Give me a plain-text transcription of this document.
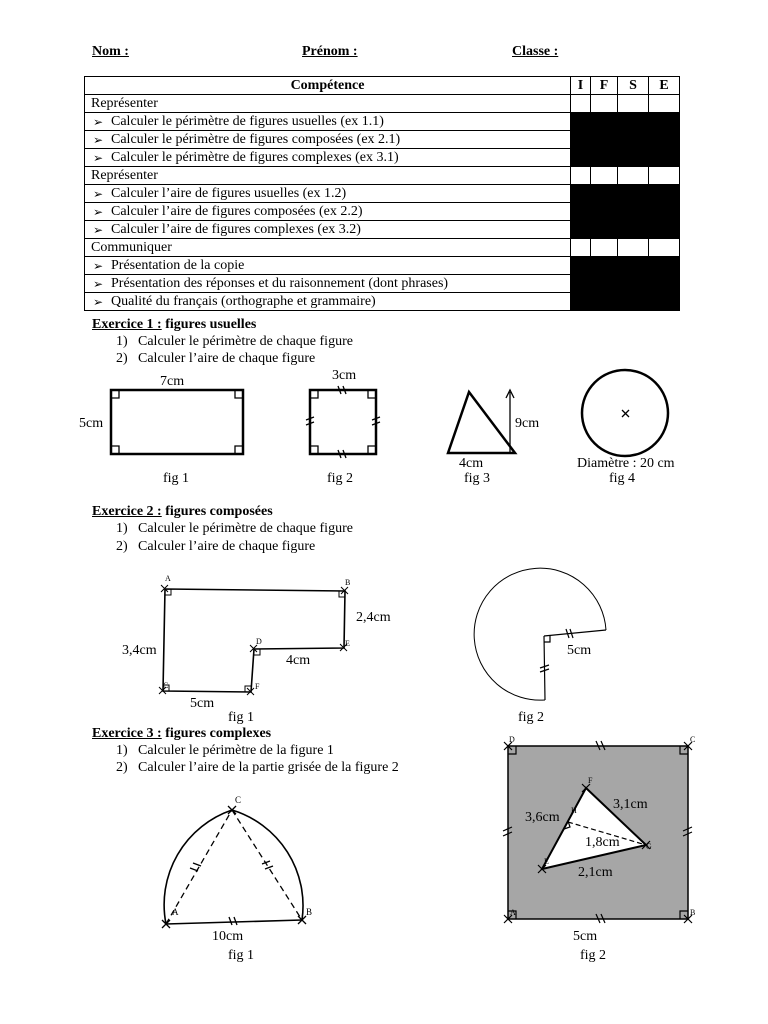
Nom :	Prénom :	Classe :
Compétence	I	F	S	E
Représenter				

➢ Calculer le périmètre de figures usuelles (ex 1.1)

➢ Calculer le périmètre de figures composées (ex 2.1)

➢ Calculer le périmètre de figures complexes (ex 3.1)

Représenter				

➢ Calculer l’aire de figures usuelles (ex 1.2)

➢ Calculer l’aire de figures composées (ex 2.2)

➢ Calculer l’aire de figures complexes (ex 3.2)

Communiquer				

➢ Présentation de la copie

➢ Présentation des réponses et du raisonnement (dont phrases)

➢ Qualité du français (orthographe et grammaire)
Exercice 1 : figures usuelles
1) Calculer le périmètre de chaque figure
2) Calculer l’aire de chaque figure
7cm
5cm
fig 1
3cm
fig 2
9cm
4cm
fig 3
Diamètre : 20 cm
fig 4
Exercice 2 : figures composées
1) Calculer le périmètre de chaque figure
2) Calculer l’aire de chaque figure
A	B
C
D	E
F
2,4cm
3,4cm
4cm
5cm
fig 1
5cm
fig 2
Exercice 3 : figures complexes
1) Calculer le périmètre de la figure 1
2) Calculer l’aire de la partie grisée de la figure 2
A	B
C
10cm
fig 1
A	B
C
D
E
F
G
H
3,6cm
3,1cm
1,8cm
2,1cm
5cm
fig 2
